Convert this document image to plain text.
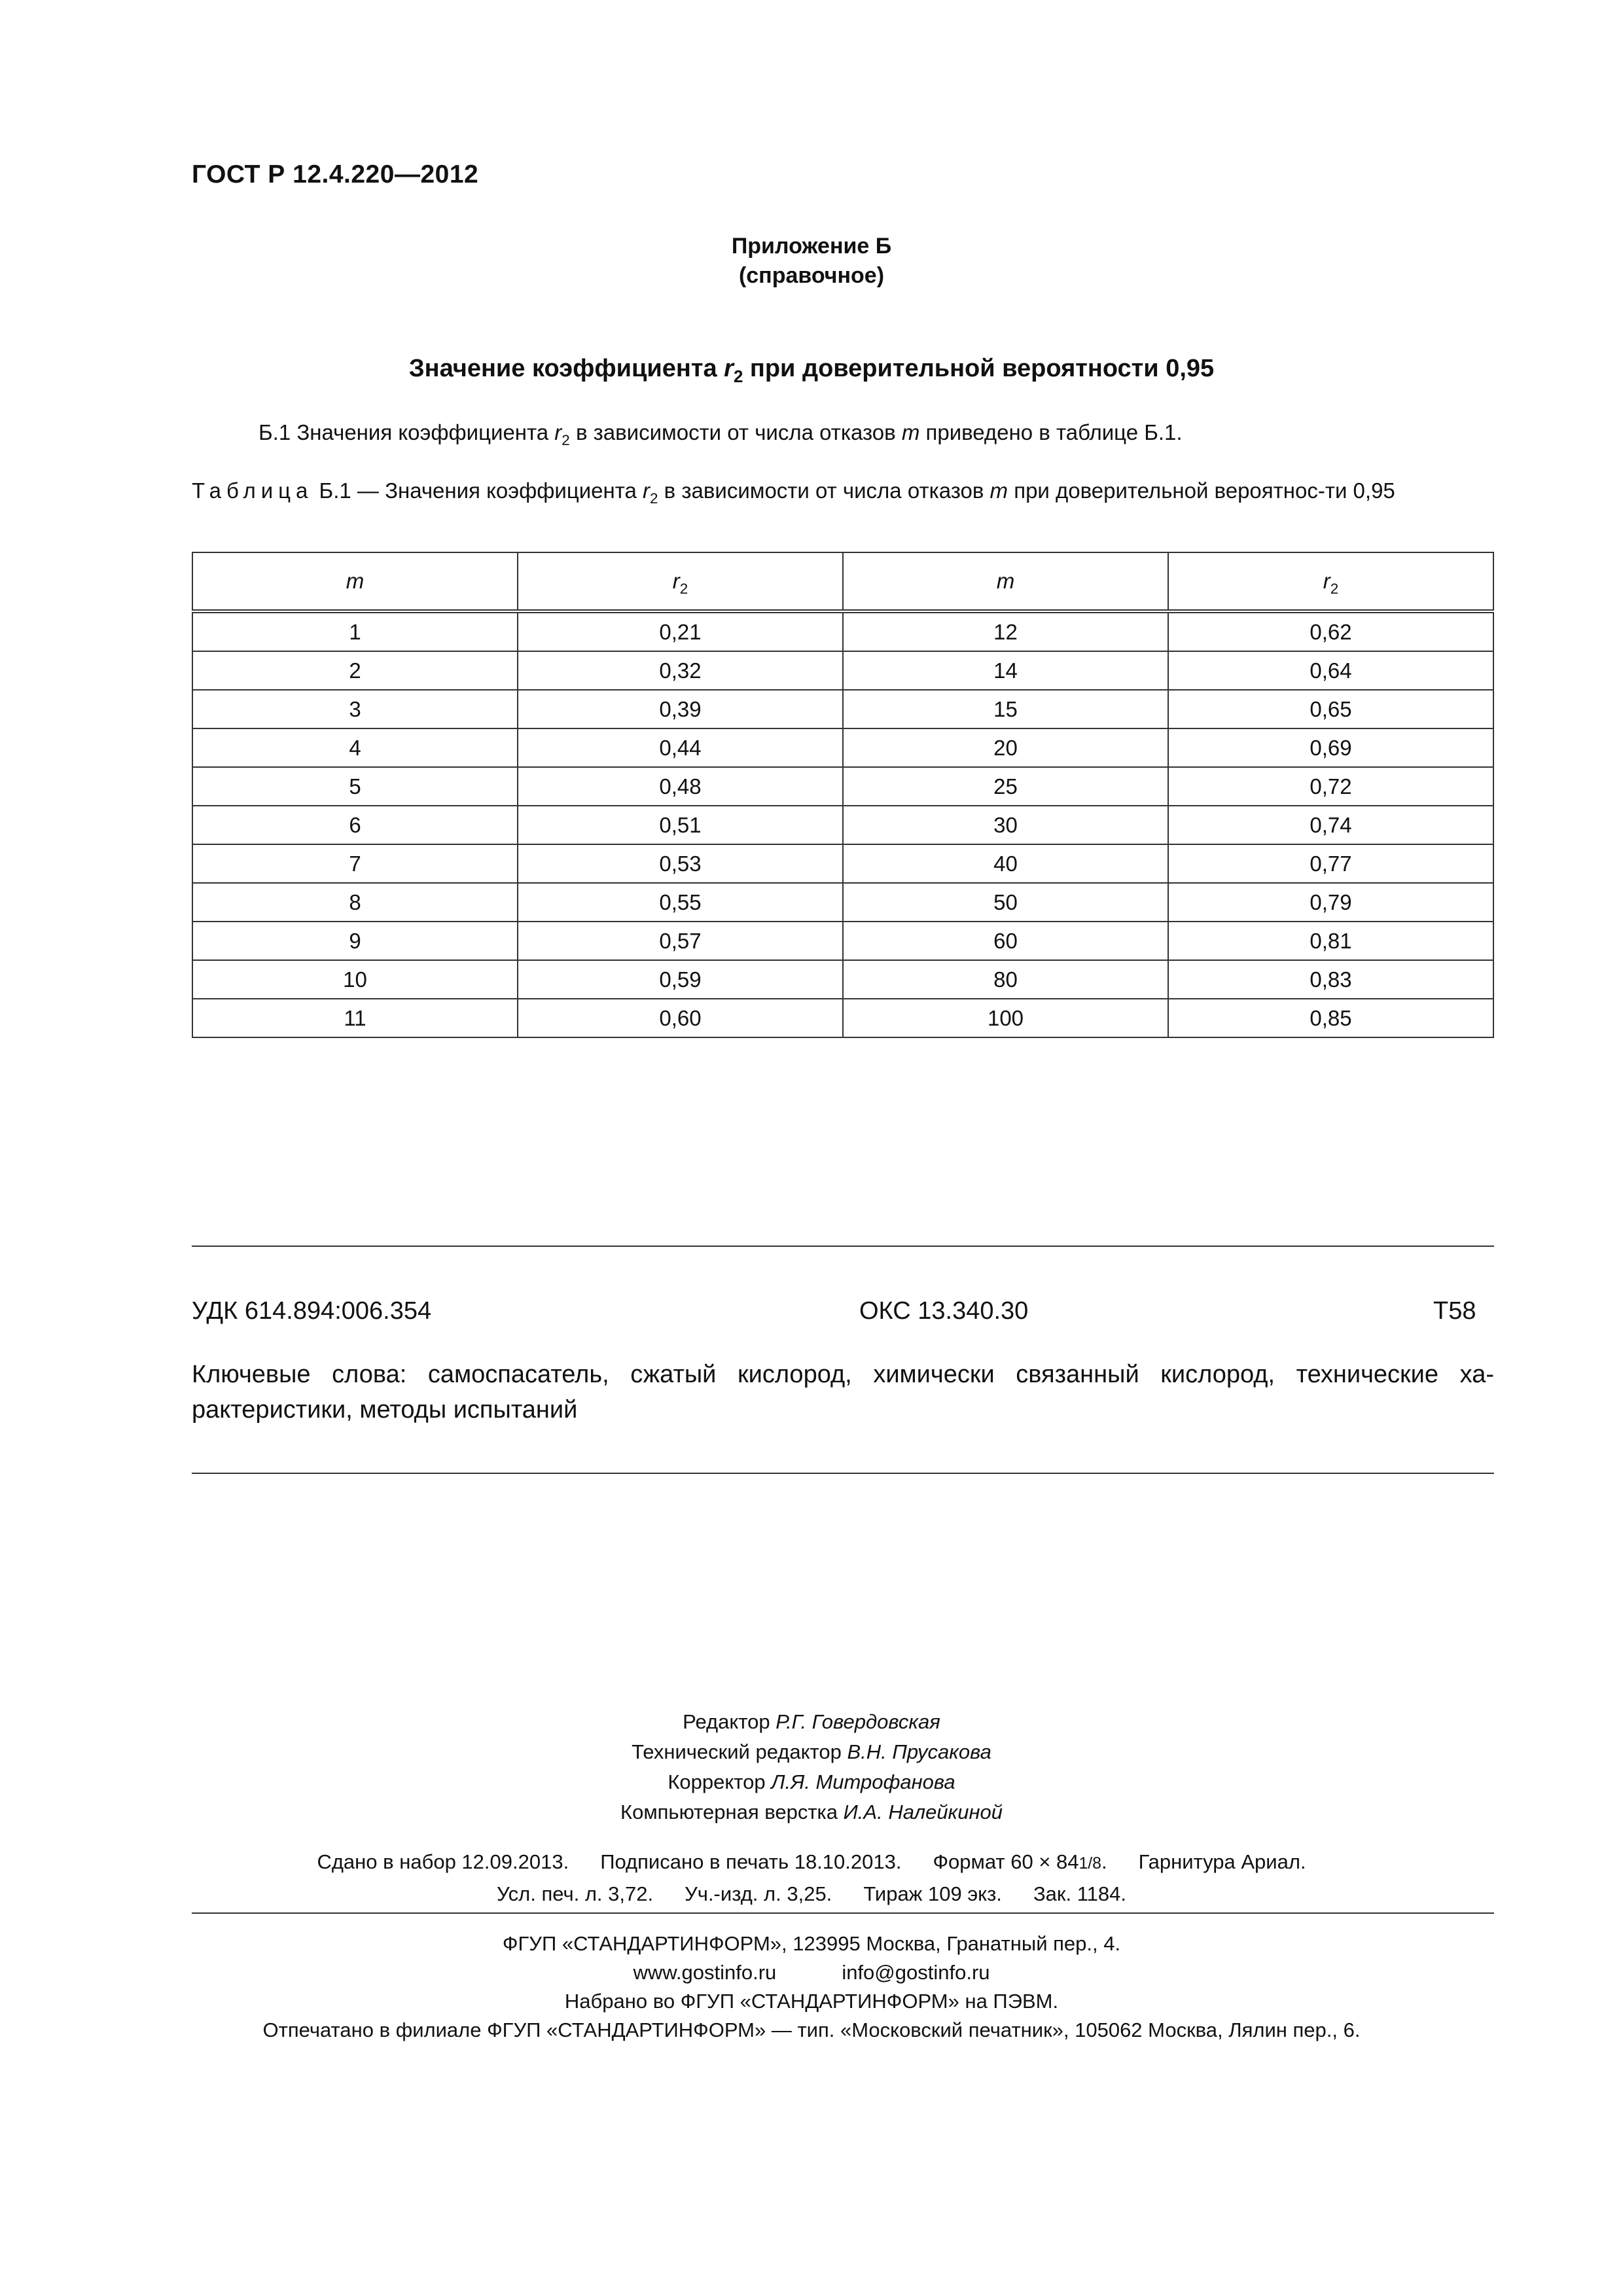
ГОСТ Р 12.4.220—2012
Приложение Б
(справочное)
Значение коэффициента $r_2$ при доверительной вероятности 0,95
Б.1 Значения коэффициента $r_2$ в зависимости от числа отказов m приведено в таблице Б.1.
Таблица Б.1 — Значения коэффициента $r_2$ в зависимости от числа отказов m при доверительной вероятнос-ти 0,95
m	$r_2$	m	$r_2$
1	0,21	12	0,62
2	0,32	14	0,64
3	0,39	15	0,65
4	0,44	20	0,69
5	0,48	25	0,72
6	0,51	30	0,74
7	0,53	40	0,77
8	0,55	50	0,79
9	0,57	60	0,81
10	0,59	80	0,83
11	0,60	100	0,85
УДК 614.894:006.354	ОКС 13.340.30	Т58
Ключевые слова: самоспасатель, сжатый кислород, химически связанный кислород, технические ха-рактеристики, методы испытаний
Редактор Р.Г. Говердовская
Технический редактор В.Н. Прусакова
Корректор Л.Я. Митрофанова
Компьютерная верстка И.А. Налейкиной
Сдано в набор 12.09.2013. Подписано в печать 18.10.2013. Формат 60 × 841/8. Гарнитура Ариал.
Усл. печ. л. 3,72. Уч.-изд. л. 3,25. Тираж 109 экз. Зак. 1184.
ФГУП «СТАНДАРТИНФОРМ», 123995 Москва, Гранатный пер., 4.
www.gostinfo.ru	info@gostinfo.ru
Набрано во ФГУП «СТАНДАРТИНФОРМ» на ПЭВМ.
Отпечатано в филиале ФГУП «СТАНДАРТИНФОРМ» — тип. «Московский печатник», 105062 Москва, Лялин пер., 6.
